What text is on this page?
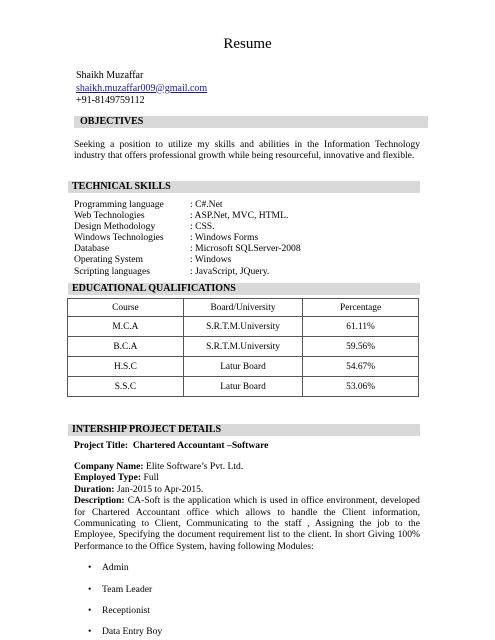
Resume
Shaikh Muzaffar
shaikh.muzaffar009@gmail.com
+91-8149759112
OBJECTIVES
Seeking a position to utilize my skills and abilities in the Information Technology industry that offers professional growth while being resourceful, innovative and flexible.
TECHNICAL SKILLS
Programming language	: C#.Net
Web Technologies	: ASP.Net, MVC, HTML.
Design Methodology	: CSS.
Windows Technologies	: Windows Forms
Database	: Microsoft SQLServer-2008
Operating System	: Windows
Scripting languages	: JavaScript, JQuery.
EDUCATIONAL QUALIFICATIONS
Course	Board/University	Percentage
M.C.A	S.R.T.M.University	61.11%
B.C.A	S.R.T.M.University	59.56%
H.S.C	Latur Board	54.67%
S.S.C	Latur Board	53.06%
INTERSHIP PROJECT DETAILS
Project Title: Chartered Accountant –Software
Company Name: Elite Software’s Pvt. Ltd.
Employed Type: Full
Duration: Jan-2015 to Apr-2015.
Description: CA-Soft is the application which is used in office environment, developed for Chartered Accountant office which allows to handle the Client information, Communicating to Client, Communicating to the staff , Assigning the job to the Employee, Specifying the document requirement list to the client. In short Giving 100% Performance to the Office System, having following Modules:
• Admin
• Team Leader
• Receptionist
• Data Entry Boy
